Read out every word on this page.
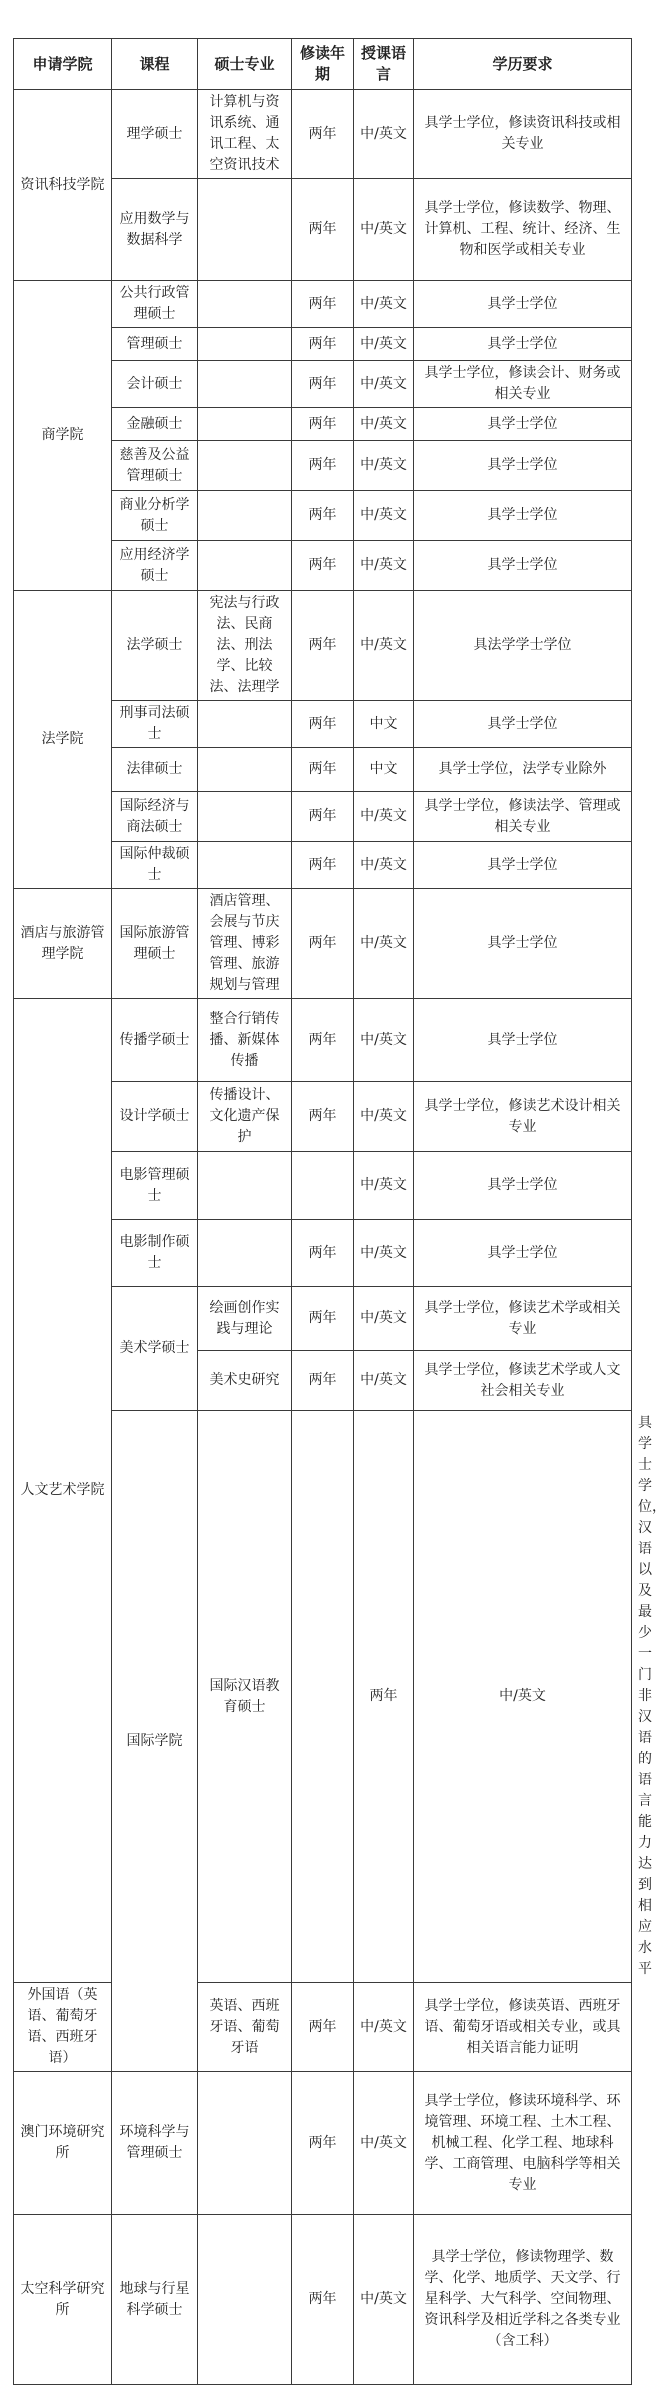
申请学院	课程	硕士专业	修读年期	授课语言	学历要求	
资讯科技学院	理学硕士	计算机与资讯系统、通讯工程、太空资讯技术	两年	中/英文	具学士学位，修读资讯科技或相关专业	
	应用数学与数据科学		两年	中/英文	具学士学位，修读数学、物理、计算机、工程、统计、经济、生物和医学或相关专业	
商学院	公共行政管理硕士		两年	中/英文	具学士学位	
	管理硕士		两年	中/英文	具学士学位	
	会计硕士		两年	中/英文	具学士学位，修读会计、财务或相关专业	
	金融硕士		两年	中/英文	具学士学位	
	慈善及公益管理硕士		两年	中/英文	具学士学位	
	商业分析学硕士		两年	中/英文	具学士学位	
	应用经济学硕士		两年	中/英文	具学士学位	
法学院	法学硕士	宪法与行政法、民商法、刑法学、比较法、法理学	两年	中/英文	具法学学士学位	
	刑事司法硕士		两年	中文	具学士学位	
	法律硕士		两年	中文	具学士学位，法学专业除外	
	国际经济与商法硕士		两年	中/英文	具学士学位，修读法学、管理或相关专业	
	国际仲裁硕士		两年	中/英文	具学士学位	
酒店与旅游管理学院	国际旅游管理硕士	酒店管理、会展与节庆管理、博彩管理、旅游规划与管理	两年	中/英文	具学士学位	
人文艺术学院	传播学硕士	整合行销传播、新媒体传播	两年	中/英文	具学士学位	
	设计学硕士	传播设计、文化遗产保护	两年	中/英文	具学士学位，修读艺术设计相关专业	
	电影管理硕士			中/英文	具学士学位	
	电影制作硕士		两年	中/英文	具学士学位	
	美术学硕士	绘画创作实践与理论	两年	中/英文	具学士学位，修读艺术学或相关专业	
		美术史研究	两年	中/英文	具学士学位，修读艺术学或人文社会相关专业	
	国际学院	国际汉语教育硕士		两年	中/英文	具学士学位，汉语以及最少一门非汉语的语言能力达到相应水平
外国语（英语、葡萄牙语、西班牙语）		英语、西班牙语、葡萄牙语	两年	中/英文	具学士学位，修读英语、西班牙语、葡萄牙语或相关专业，或具相关语言能力证明	
澳门环境研究所	环境科学与管理硕士		两年	中/英文	具学士学位，修读环境科学、环境管理、环境工程、土木工程、机械工程、化学工程、地球科学、工商管理、电脑科学等相关专业	
太空科学研究所	地球与行星科学硕士		两年	中/英文	具学士学位，修读物理学、数学、化学、地质学、天文学、行星科学、大气科学、空间物理、资讯科学及相近学科之各类专业（含工科）	
